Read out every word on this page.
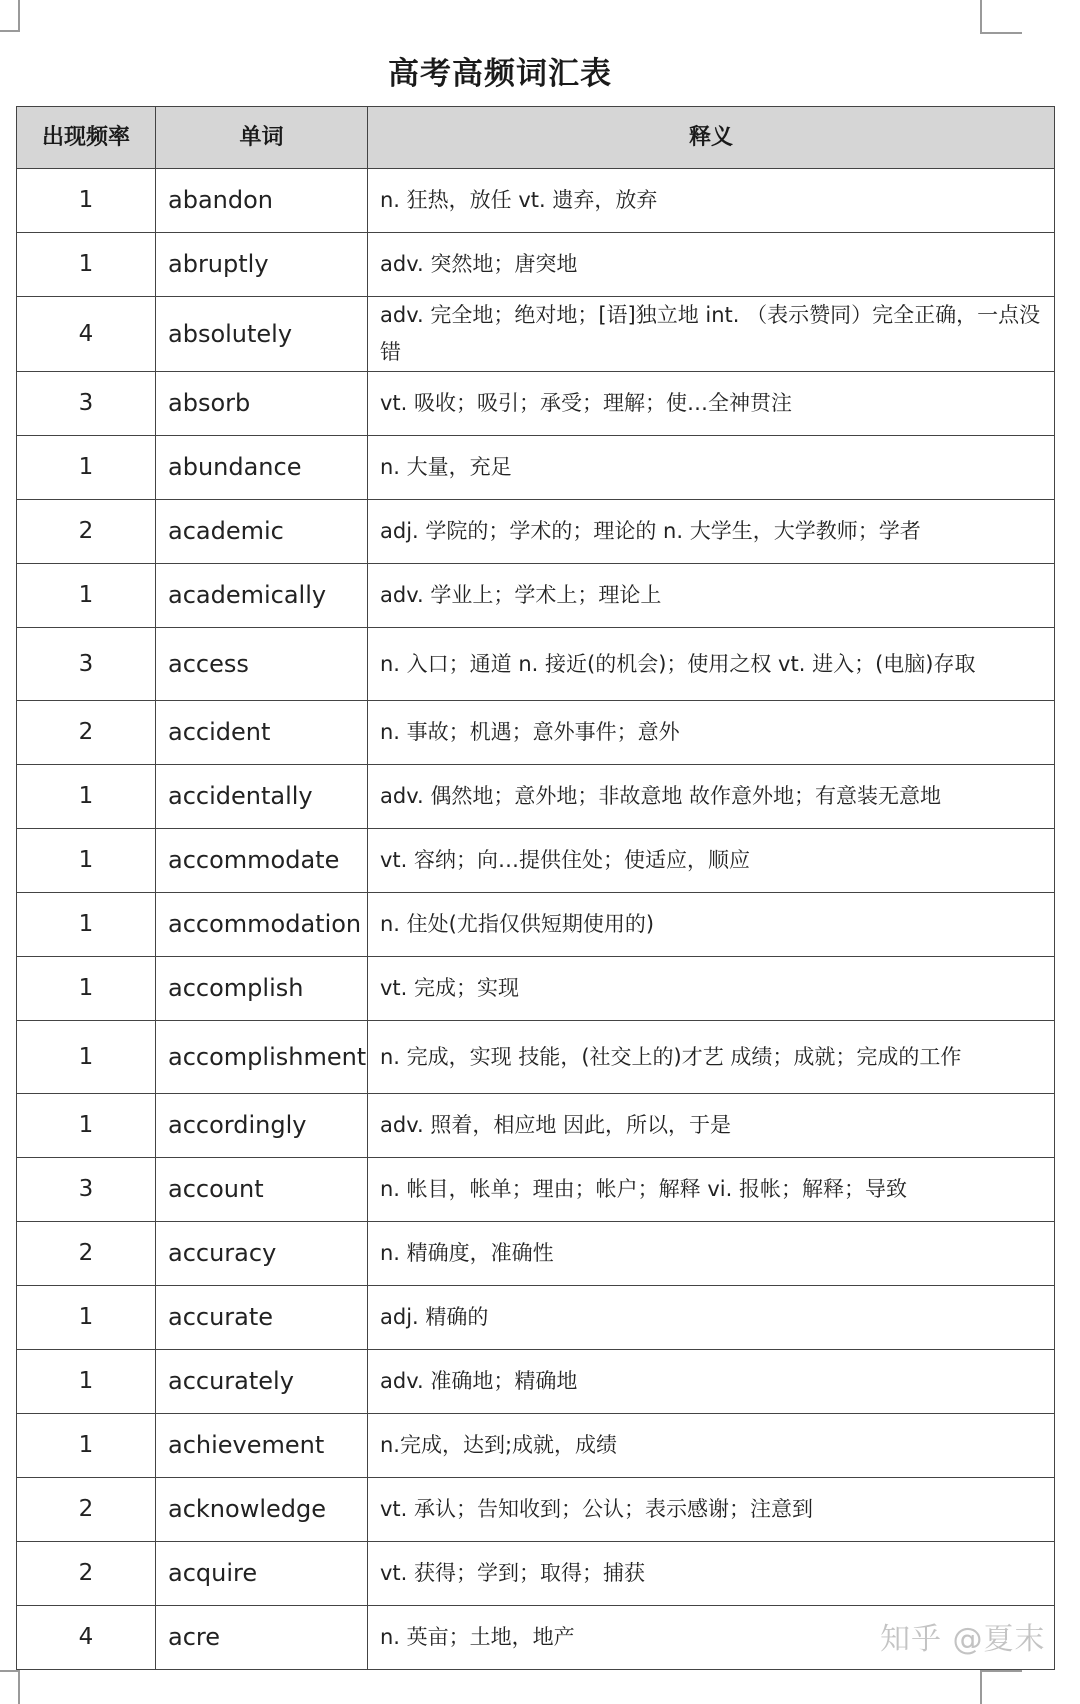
高考高频词汇表
出现频率	单词	释义
1	abandon	n. 狂热，放任 vt. 遗弃，放弃
1	abruptly	adv. 突然地；唐突地
4	absolutely	adv. 完全地；绝对地；[语]独立地 int. （表示赞同）完全正确，一点没错
3	absorb	vt. 吸收；吸引；承受；理解；使…全神贯注
1	abundance	n. 大量，充足
2	academic	adj. 学院的；学术的；理论的 n. 大学生，大学教师；学者
1	academically	adv. 学业上；学术上；理论上
3	access	n. 入口；通道 n. 接近(的机会)；使用之权 vt. 进入；(电脑)存取
2	accident	n. 事故；机遇；意外事件；意外
1	accidentally	adv. 偶然地；意外地；非故意地 故作意外地；有意装无意地
1	accommodate	vt. 容纳；向…提供住处；使适应，顺应
1	accommodation	n. 住处(尤指仅供短期使用的)
1	accomplish	vt. 完成；实现
1	accomplishment	n. 完成，实现 技能，(社交上的)才艺 成绩；成就；完成的工作
1	accordingly	adv. 照着，相应地 因此，所以，于是
3	account	n. 帐目，帐单；理由；帐户；解释 vi. 报帐；解释；导致
2	accuracy	n. 精确度，准确性
1	accurate	adj. 精确的
1	accurately	adv. 准确地；精确地
1	achievement	n.完成，达到;成就，成绩
2	acknowledge	vt. 承认；告知收到；公认；表示感谢；注意到
2	acquire	vt. 获得；学到；取得；捕获
4	acre	n. 英亩；土地，地产	知乎 @夏末
